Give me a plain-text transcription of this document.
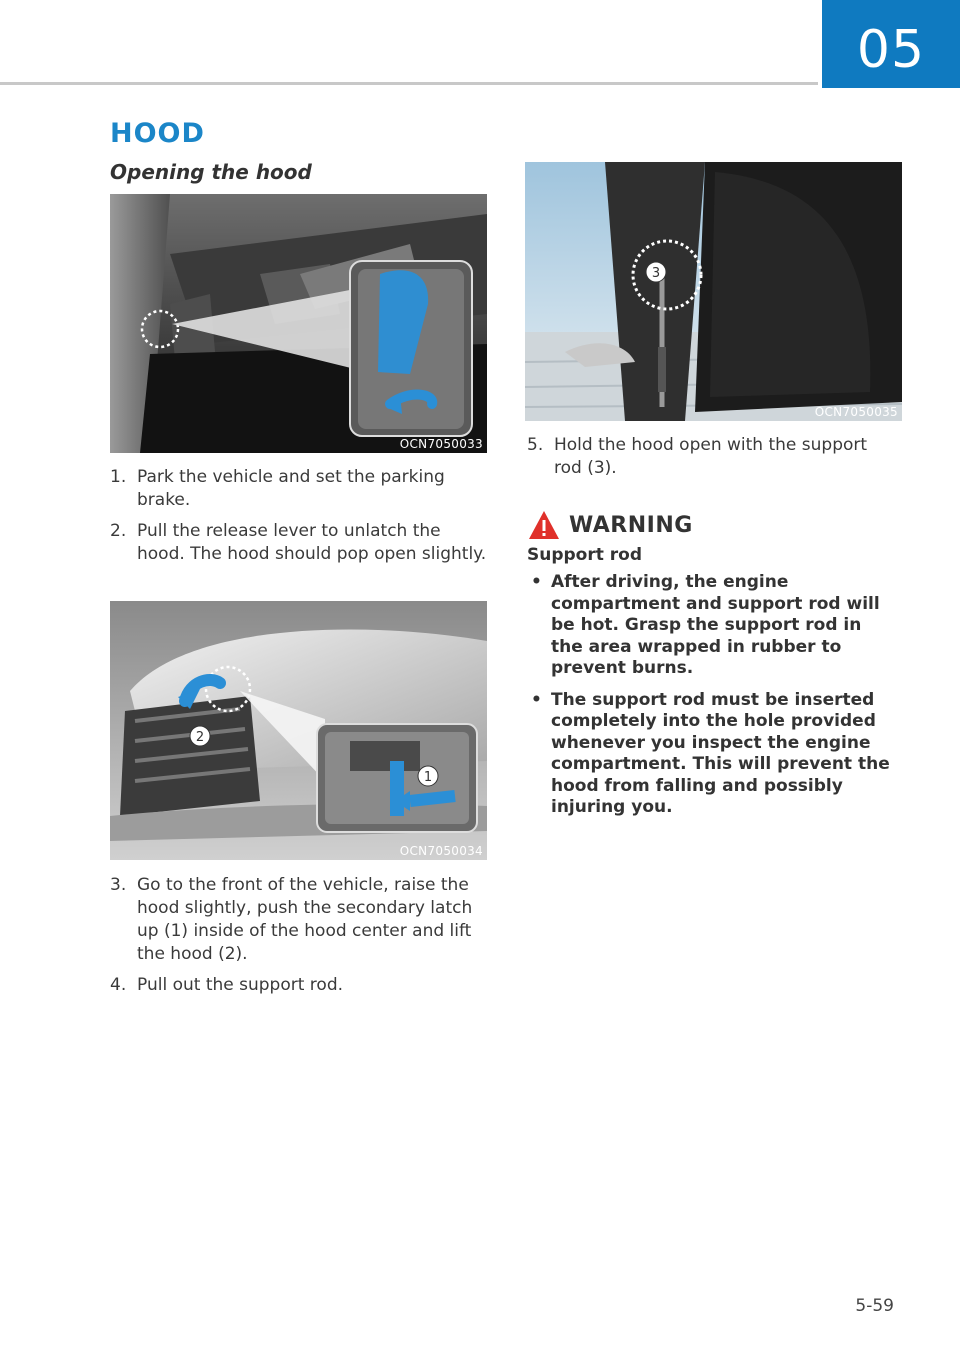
05
HOOD
Opening the hood
OCN7050033
1. Park the vehicle and set the parking brake.
2. Pull the release lever to unlatch the hood. The hood should pop open slightly.
2
1
OCN7050034
3. Go to the front of the vehicle, raise the hood slightly, push the secondary latch up (1) inside of the hood center and lift the hood (2).
4. Pull out the support rod.
3
OCN7050035
5. Hold the hood open with the support rod (3).
WARNING
Support rod
• After driving, the engine compartment and support rod will be hot. Grasp the support rod in the area wrapped in rubber to prevent burns.
• The support rod must be inserted completely into the hole provided whenever you inspect the engine compartment. This will prevent the hood from falling and possibly injuring you.
5-59
